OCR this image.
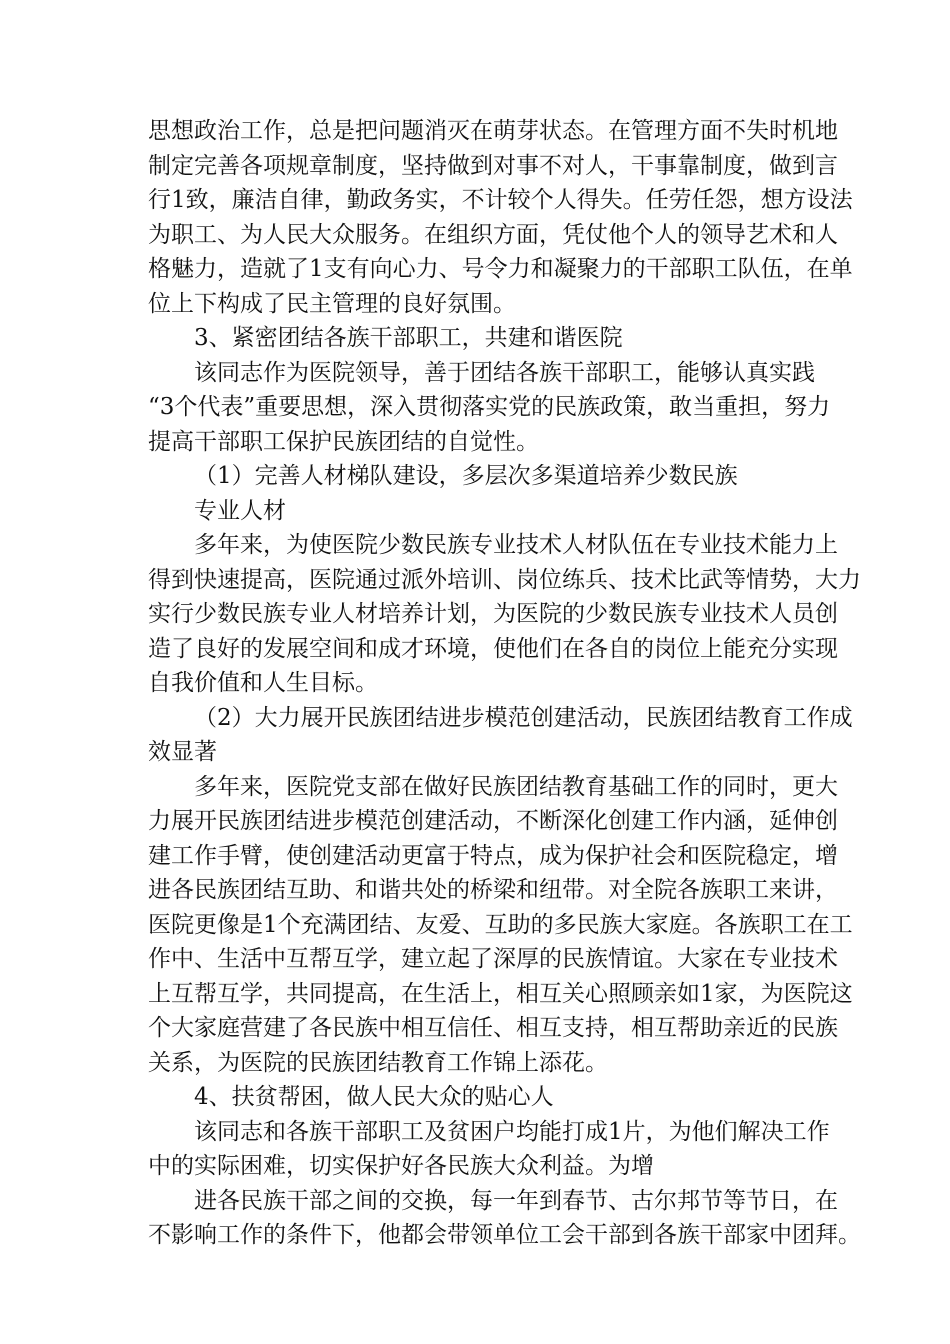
思想政治工作，总是把问题消灭在萌芽状态。在管理方面不失时机地
制定完善各项规章制度，坚持做到对事不对人，干事靠制度，做到言
行1致，廉洁自律，勤政务实，不计较个人得失。任劳任怨，想方设法
为职工、为人民大众服务。在组织方面，凭仗他个人的领导艺术和人
格魅力，造就了1支有向心力、号令力和凝聚力的干部职工队伍，在单
位上下构成了民主管理的良好氛围。
3、紧密团结各族干部职工，共建和谐医院
该同志作为医院领导，善于团结各族干部职工，能够认真实践
“3个代表”重要思想，深入贯彻落实党的民族政策，敢当重担，努力
提高干部职工保护民族团结的自觉性。
（1）完善人材梯队建设，多层次多渠道培养少数民族
专业人材
多年来，为使医院少数民族专业技术人材队伍在专业技术能力上
得到快速提高，医院通过派外培训、岗位练兵、技术比武等情势，大力
实行少数民族专业人材培养计划，为医院的少数民族专业技术人员创
造了良好的发展空间和成才环境，使他们在各自的岗位上能充分实现
自我价值和人生目标。
（2）大力展开民族团结进步模范创建活动，民族团结教育工作成
效显著
多年来，医院党支部在做好民族团结教育基础工作的同时，更大
力展开民族团结进步模范创建活动，不断深化创建工作内涵，延伸创
建工作手臂，使创建活动更富于特点，成为保护社会和医院稳定，增
进各民族团结互助、和谐共处的桥梁和纽带。对全院各族职工来讲，
医院更像是1个充满团结、友爱、互助的多民族大家庭。各族职工在工
作中、生活中互帮互学，建立起了深厚的民族情谊。大家在专业技术
上互帮互学，共同提高，在生活上，相互关心照顾亲如1家，为医院这
个大家庭营建了各民族中相互信任、相互支持，相互帮助亲近的民族
关系，为医院的民族团结教育工作锦上添花。
4、扶贫帮困，做人民大众的贴心人
该同志和各族干部职工及贫困户均能打成1片，为他们解决工作
中的实际困难，切实保护好各民族大众利益。为增
进各民族干部之间的交换，每一年到春节、古尔邦节等节日，在
不影响工作的条件下，他都会带领单位工会干部到各族干部家中团拜。
